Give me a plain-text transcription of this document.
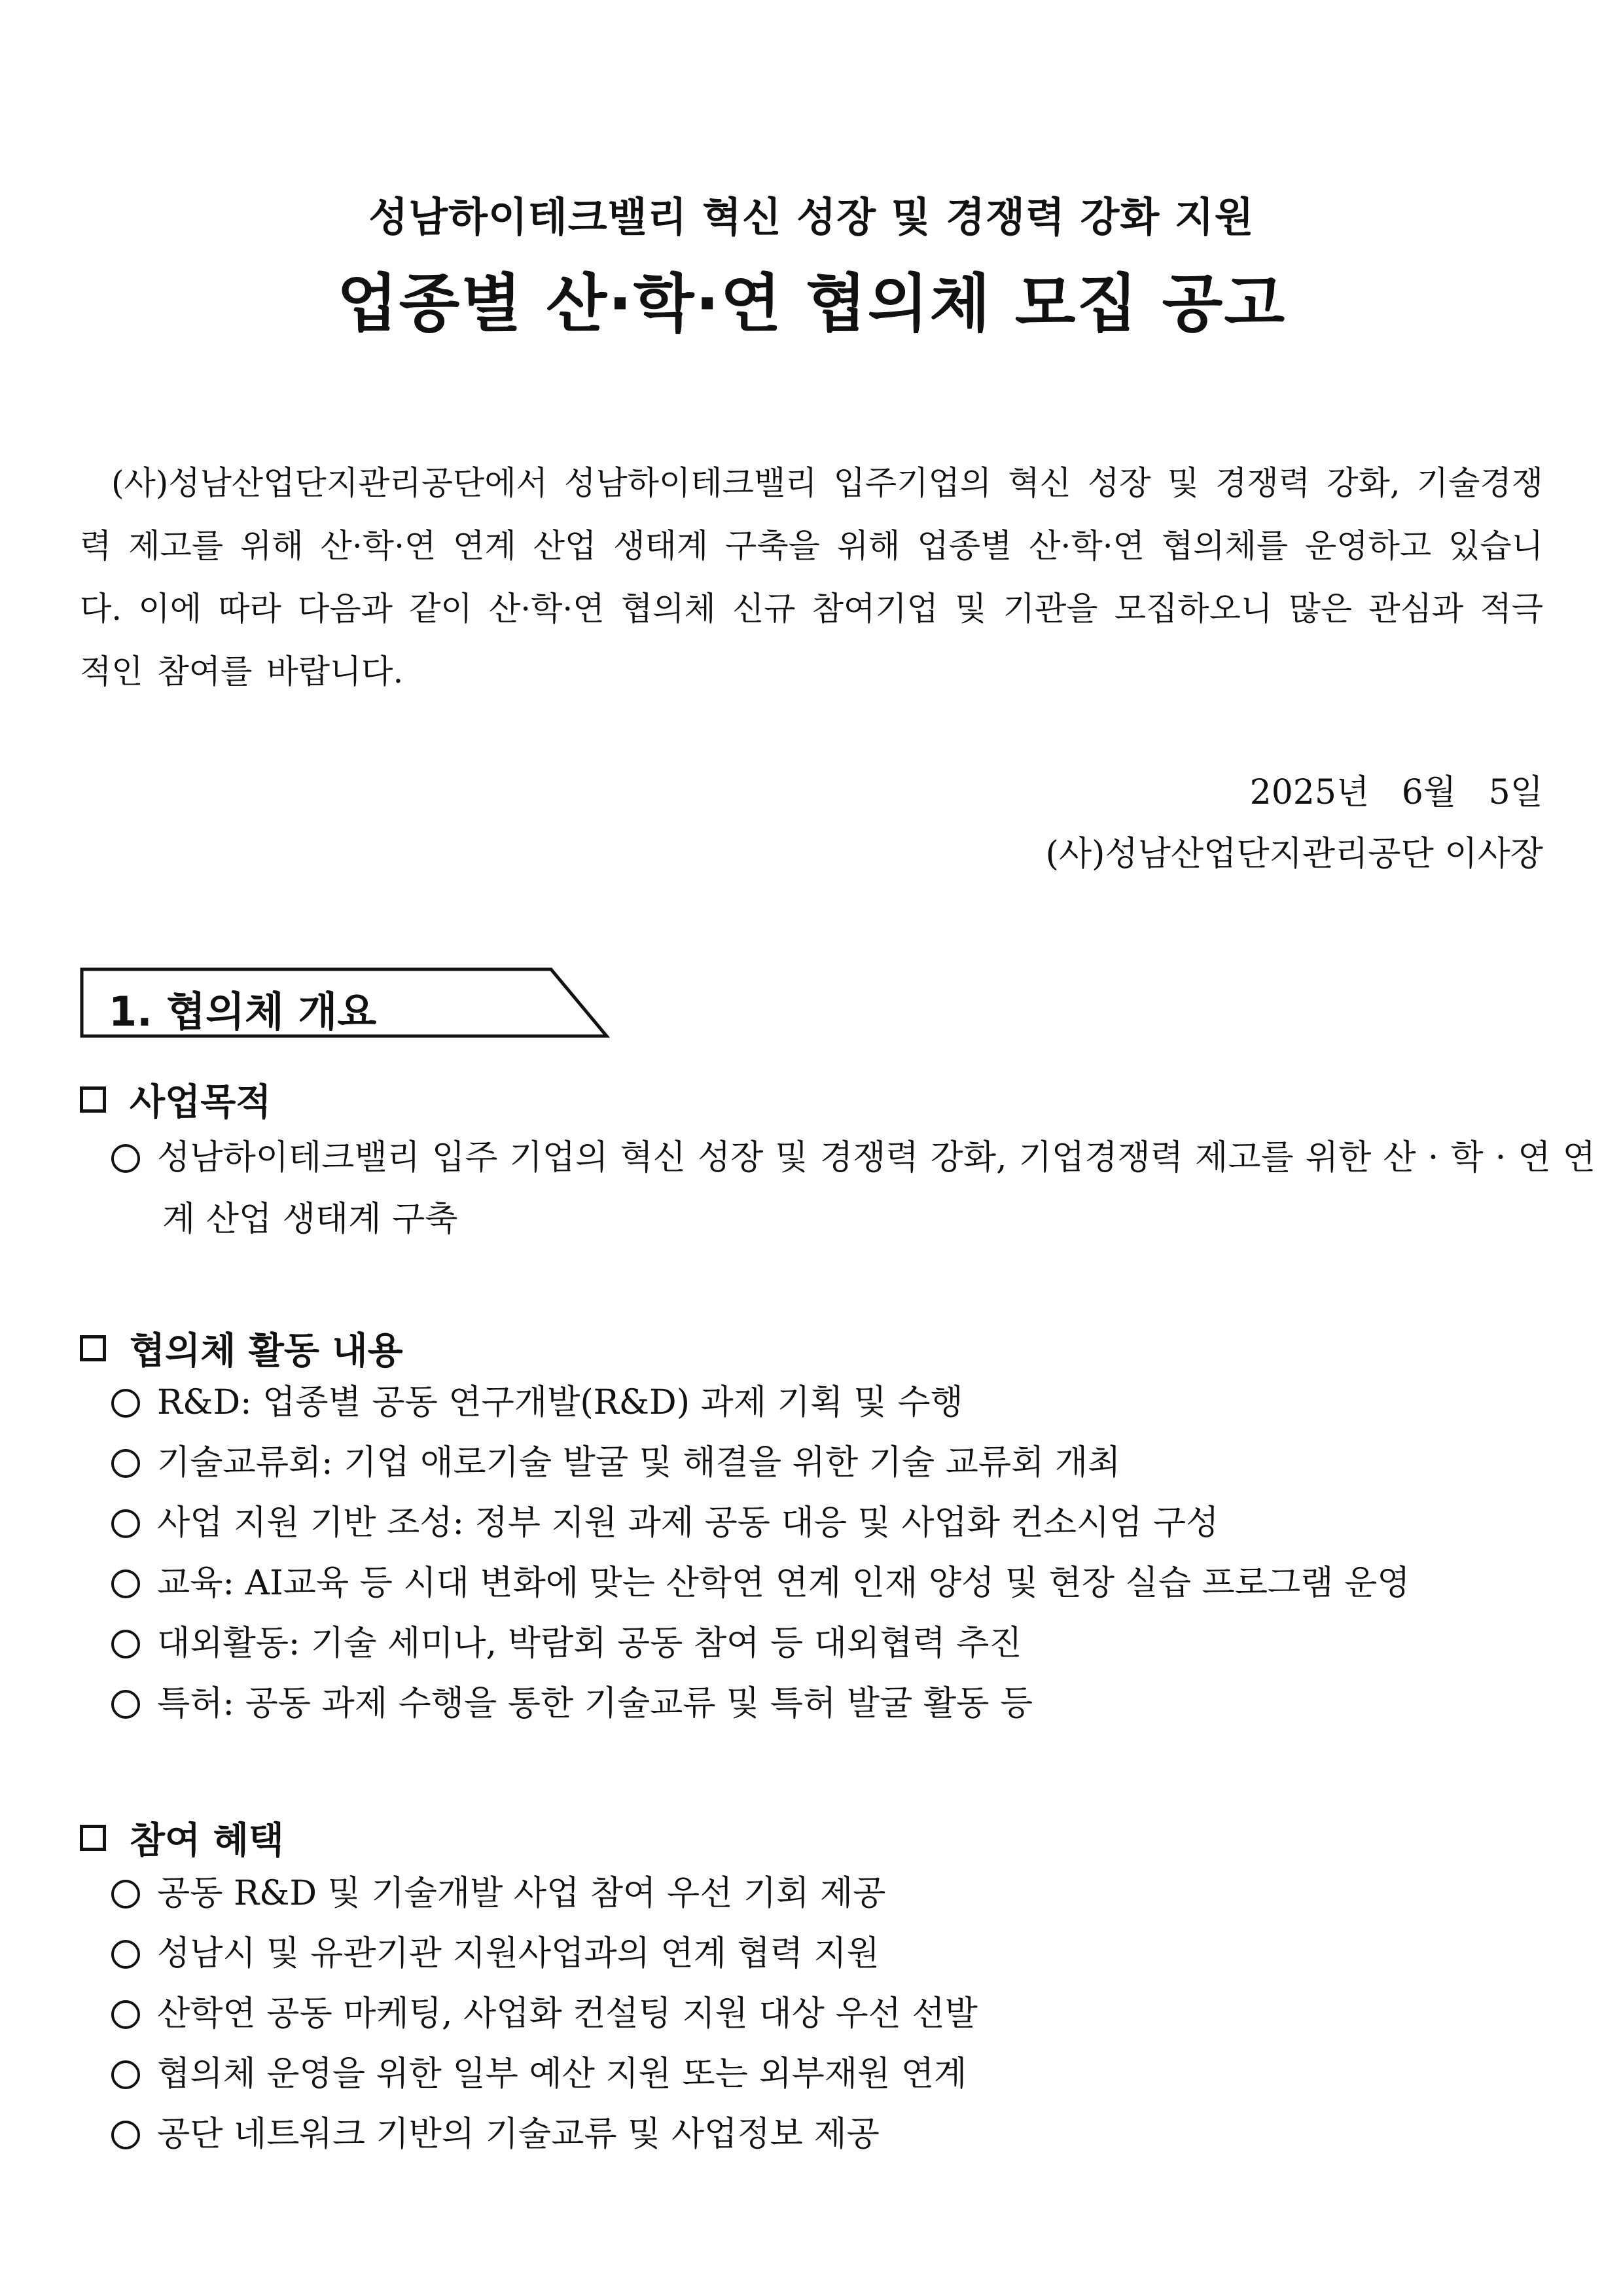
성남하이테크밸리 혁신 성장 및 경쟁력 강화 지원
업종별 산·학·연 협의체 모집 공고
(사)성남산업단지관리공단에서 성남하이테크밸리 입주기업의 혁신 성장 및 경쟁력 강화, 기술경쟁력 제고를 위해 산·학·연 연계 산업 생태계 구축을 위해 업종별 산·학·연 협의체를 운영하고 있습니다. 이에 따라 다음과 같이 산·학·연 협의체 신규 참여기업 및 기관을 모집하오니 많은 관심과 적극적인 참여를 바랍니다.
2025년   6월   5일
(사)성남산업단지관리공단 이사장
1. 협의체 개요
사업목적
성남하이테크밸리 입주 기업의 혁신 성장 및 경쟁력 강화, 기업경쟁력 제고를 위한 산 · 학 · 연 연계 산업 생태계 구축
협의체 활동 내용
R&D: 업종별 공동 연구개발(R&D) 과제 기획 및 수행
기술교류회: 기업 애로기술 발굴 및 해결을 위한 기술 교류회 개최
사업 지원 기반 조성: 정부 지원 과제 공동 대응 및 사업화 컨소시엄 구성
교육: AI교육 등 시대 변화에 맞는 산학연 연계 인재 양성 및 현장 실습 프로그램 운영
대외활동: 기술 세미나, 박람회 공동 참여 등 대외협력 추진
특허: 공동 과제 수행을 통한 기술교류 및 특허 발굴 활동 등
참여 혜택
공동 R&D 및 기술개발 사업 참여 우선 기회 제공
성남시 및 유관기관 지원사업과의 연계 협력 지원
산학연 공동 마케팅, 사업화 컨설팅 지원 대상 우선 선발
협의체 운영을 위한 일부 예산 지원 또는 외부재원 연계
공단 네트워크 기반의 기술교류 및 사업정보 제공
